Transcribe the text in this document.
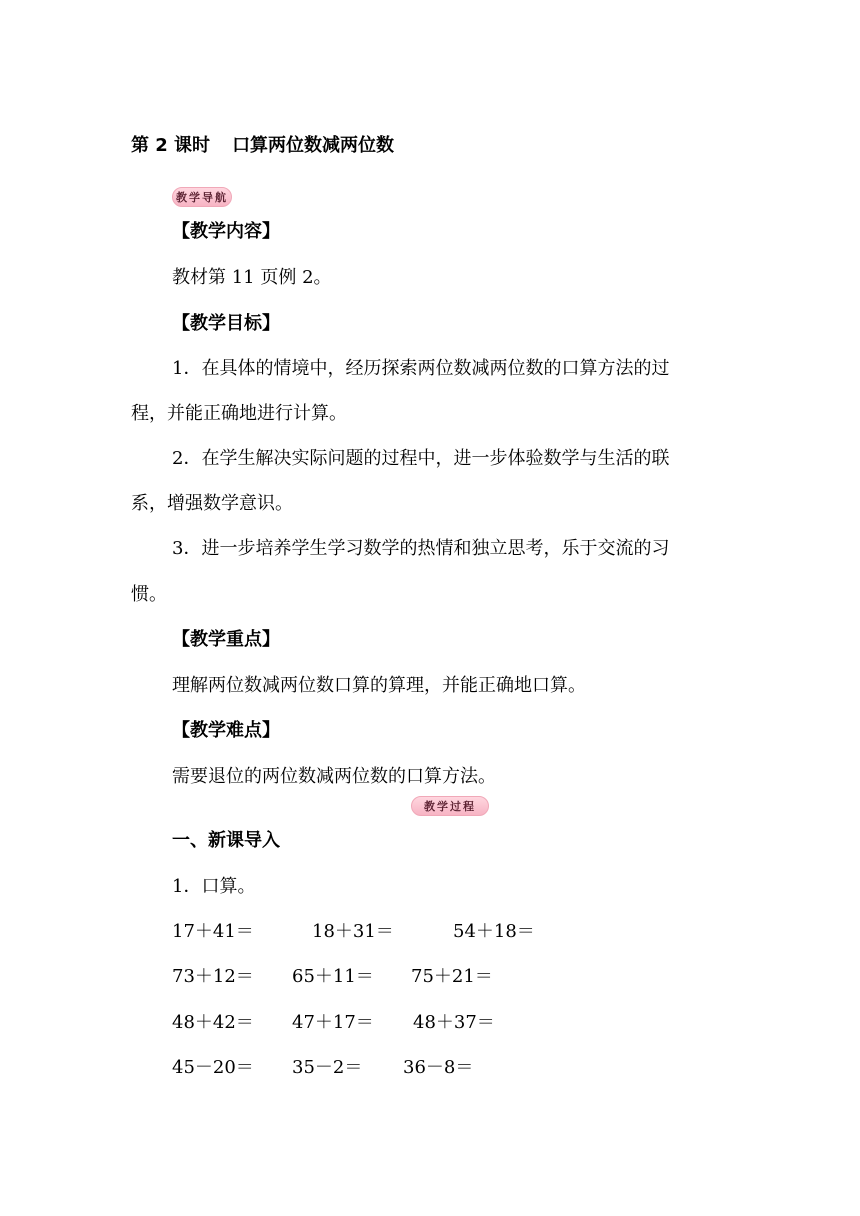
第 2 课时 口算两位数减两位数
教学导航
【教学内容】
教材第 11 页例 2。
【教学目标】
1．在具体的情境中，经历探索两位数减两位数的口算方法的过
程，并能正确地进行计算。
2．在学生解决实际问题的过程中，进一步体验数学与生活的联
系，增强数学意识。
3．进一步培养学生学习数学的热情和独立思考，乐于交流的习
惯。
【教学重点】
理解两位数减两位数口算的算理，并能正确地口算。
【教学难点】
需要退位的两位数减两位数的口算方法。
教学过程
一、新课导入
1．口算。
17＋41＝	18＋31＝	54＋18＝
73＋12＝ 65＋11＝ 75＋21＝
48＋42＝ 47＋17＝ 48＋37＝
45－20＝ 35－2＝ 36－8＝
